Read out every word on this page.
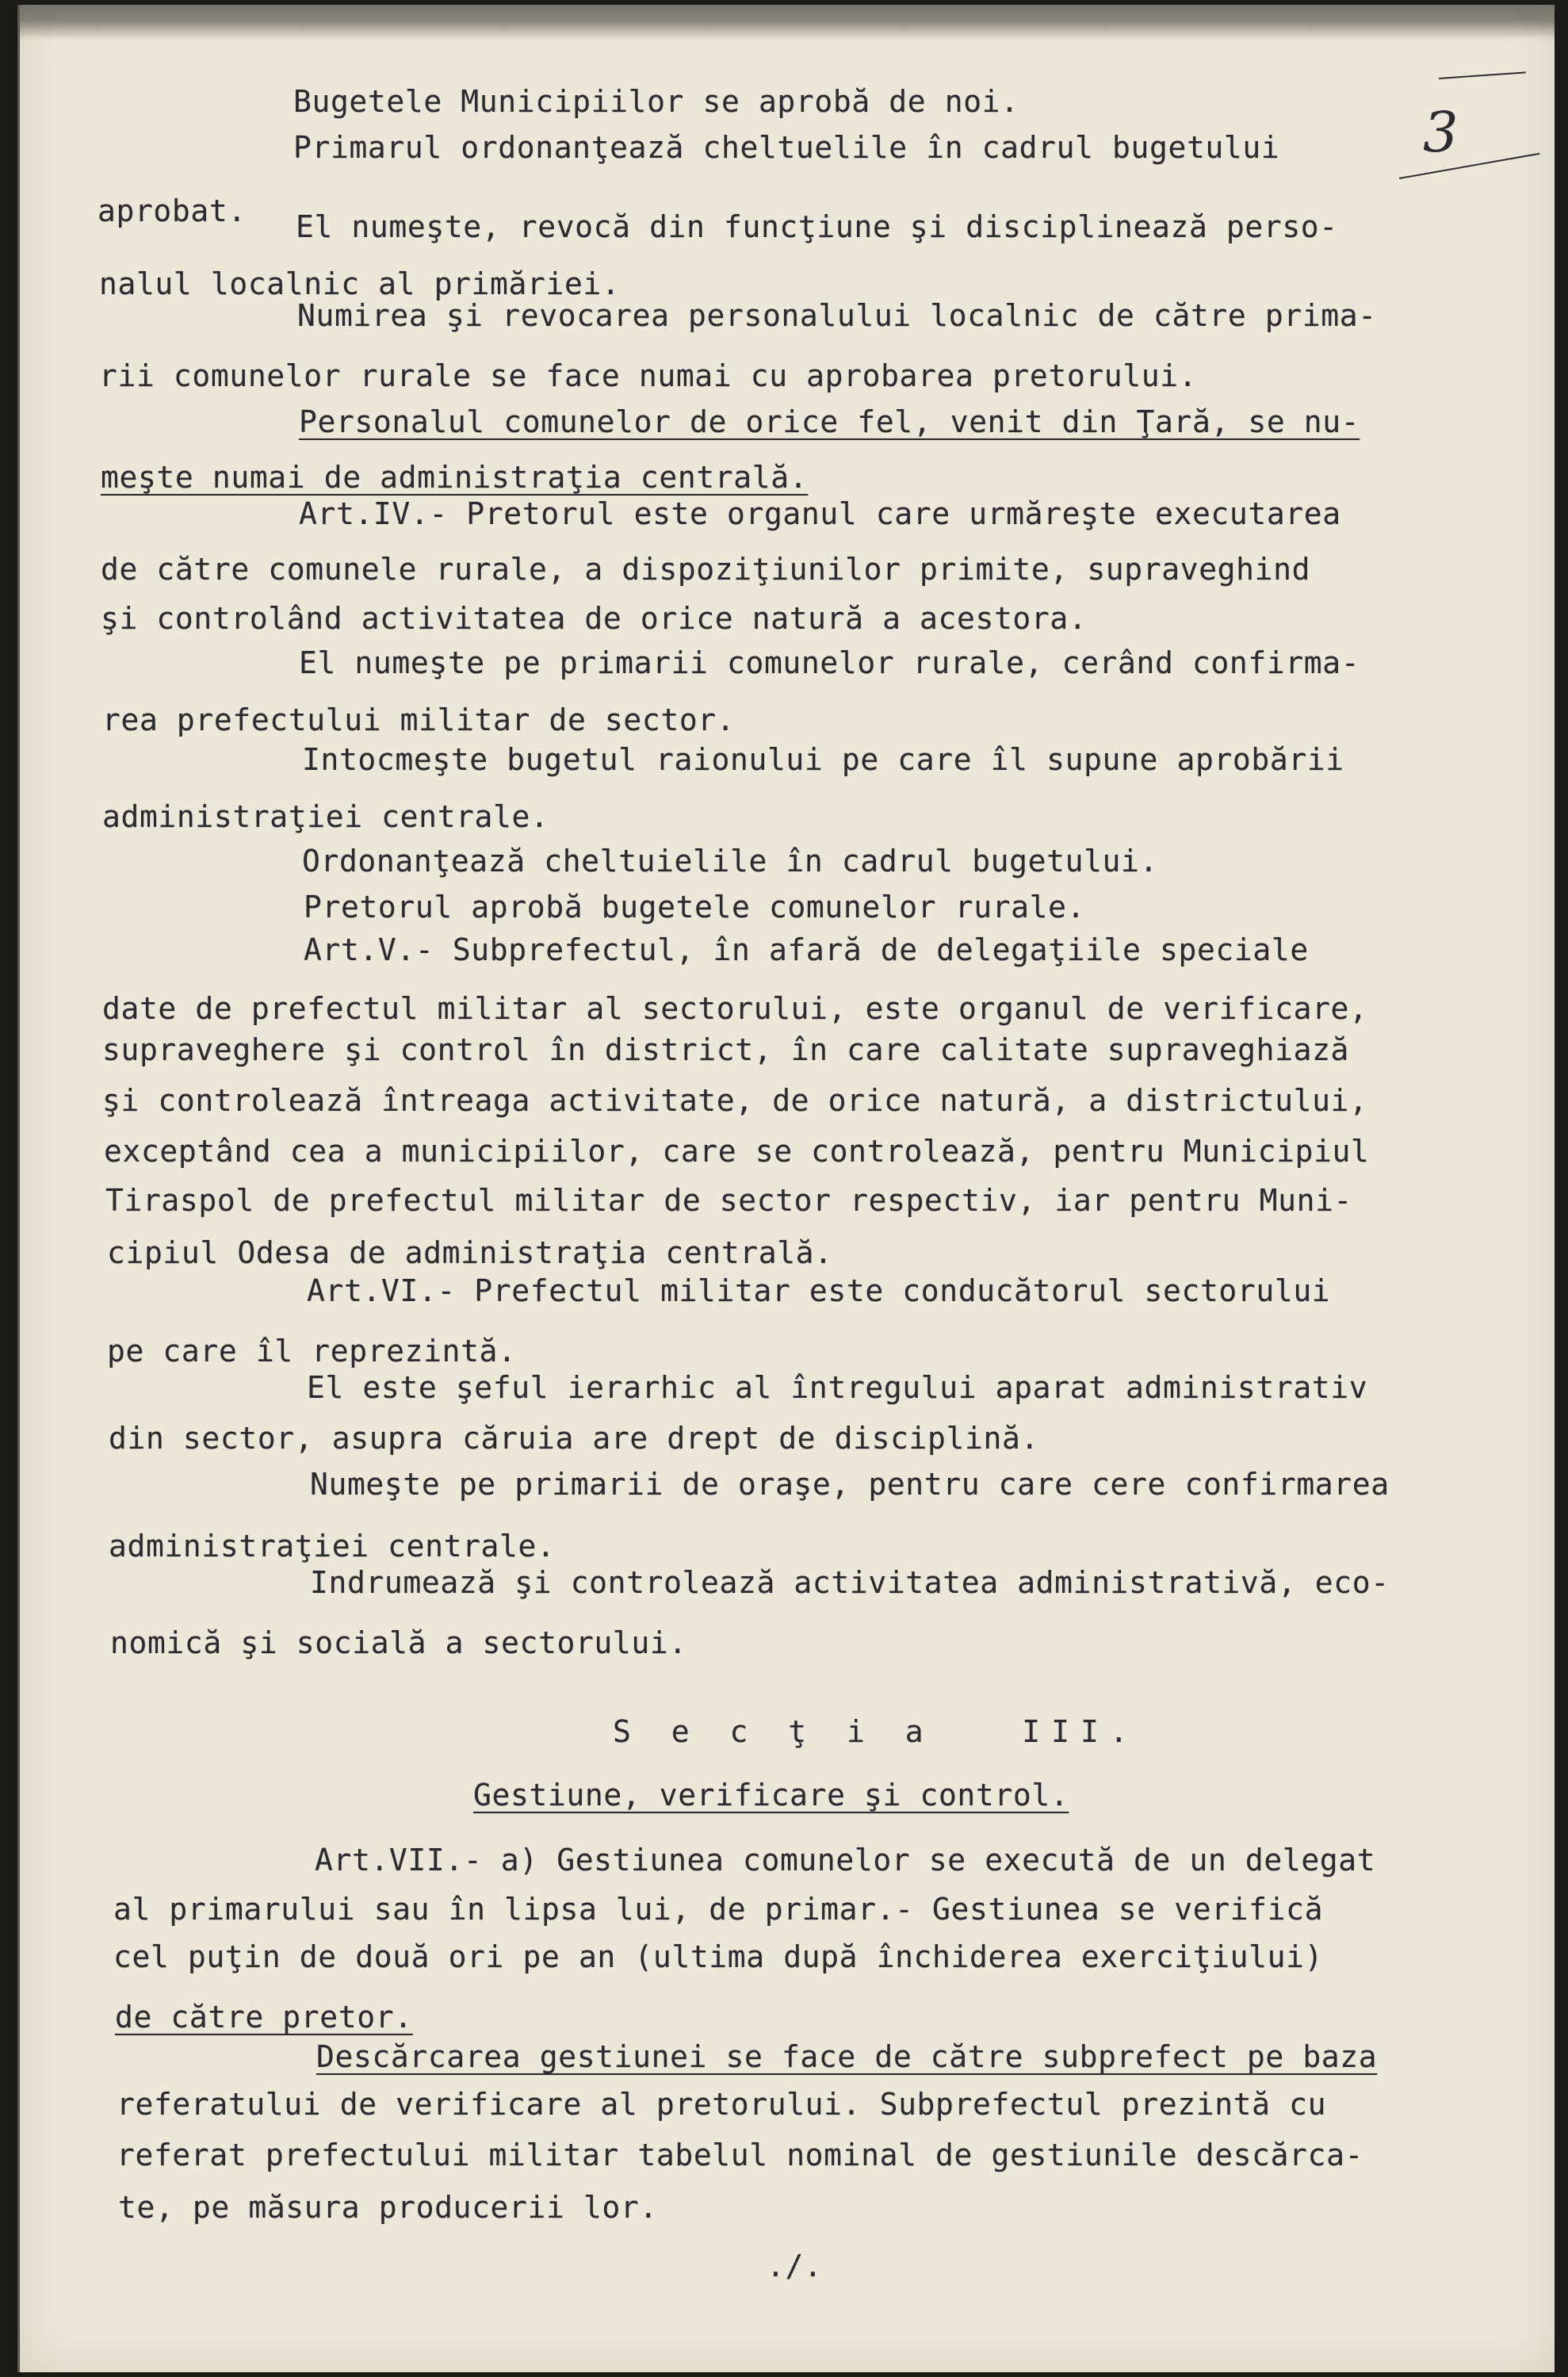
3

Bugetele Municipiilor se aprobă de noi.

Primarul ordonanţează cheltuelile în cadrul bugetului

aprobat.	El numeşte, revocă din funcţiune şi disciplinează perso-

nalul localnic al primăriei.

Numirea şi revocarea personalului localnic de către prima-

rii comunelor rurale se face numai cu aprobarea pretorului.

Personalul comunelor de orice fel, venit din Ţară, se nu-

meşte numai de administraţia centrală.

Art.IV.- Pretorul este organul care urmăreşte executarea

de către comunele rurale, a dispoziţiunilor primite, supraveghind

şi controlând activitatea de orice natură a acestora.

El numeşte pe primarii comunelor rurale, cerând confirma-

rea prefectului militar de sector.

Intocmeşte bugetul raionului pe care îl supune aprobării

administraţiei centrale.

Ordonanţează cheltuielile în cadrul bugetului.

Pretorul aprobă bugetele comunelor rurale.

Art.V.- Subprefectul, în afară de delegaţiile speciale

date de prefectul militar al sectorului, este organul de verificare,

supraveghere şi control în district, în care calitate supraveghiază

şi controlează întreaga activitate, de orice natură, a districtului,

exceptând cea a municipiilor, care se controlează, pentru Municipiul

Tiraspol de prefectul militar de sector respectiv, iar pentru Muni-

cipiul Odesa de administraţia centrală.

Art.VI.- Prefectul militar este conducătorul sectorului

pe care îl reprezintă.

El este şeful ierarhic al întregului aparat administrativ

din sector, asupra căruia are drept de disciplină.

Numeşte pe primarii de oraşe, pentru care cere confirmarea

administraţiei centrale.

Indrumează şi controlează activitatea administrativă, eco-

nomică şi socială a sectorului.

S e c ţ i a   III.

Gestiune, verificare şi control.

Art.VII.- a) Gestiunea comunelor se execută de un delegat

al primarului sau în lipsa lui, de primar.- Gestiunea se verifică

cel puţin de două ori pe an (ultima după închiderea exerciţiului)

de către pretor.

Descărcarea gestiunei se face de către subprefect pe baza

referatului de verificare al pretorului. Subprefectul prezintă cu

referat prefectului militar tabelul nominal de gestiunile descărca-

te, pe măsura producerii lor.

./.
